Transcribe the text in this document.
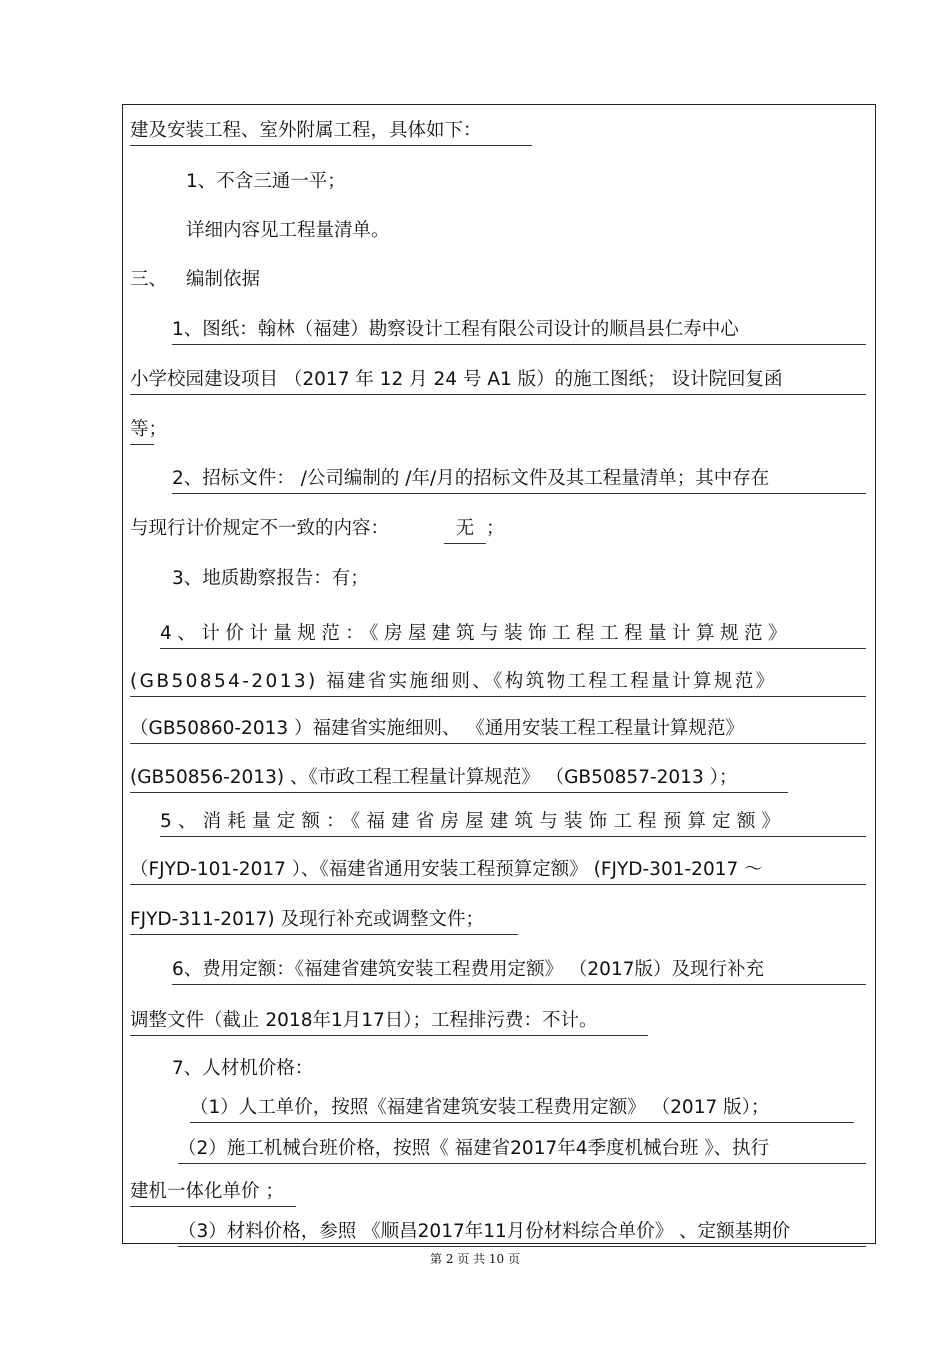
建及安装工程、室外附属工程，具体如下：
1、不含三通一平；
详细内容见工程量清单。
三、 编制依据
1、图纸：翰林（福建）勘察设计工程有限公司设计的顺昌县仁寿中心
小学校园建设项目 （2017 年 12 月 24 号 A1 版）的施工图纸； 设计院回复函
等；
2、招标文件： /公司编制的 /年/月的招标文件及其工程量清单；其中存在
与现行计价规定不一致的内容：	无 ；
3、地质勘察报告：有；
4、计价计量规范：《房屋建筑与装饰工程工程量计算规范》
(GB50854-2013) 福建省实施细则、《构筑物工程工程量计算规范》
（GB50860-2013 ）福建省实施细则、 《通用安装工程工程量计算规范》
(GB50856-2013) 、《市政工程工程量计算规范》 （GB50857-2013 ）；
5、消耗量定额：《福建省房屋建筑与装饰工程预算定额》
（FJYD-101-2017 ）、《福建省通用安装工程预算定额》 (FJYD-301-2017 ～
FJYD-311-2017) 及现行补充或调整文件；
6、费用定额：《福建省建筑安装工程费用定额》 （2017版）及现行补充
调整文件（截止 2018年1月17日）；工程排污费：不计。
7、人材机价格：
（1）人工单价，按照《福建省建筑安装工程费用定额》 （2017 版）；
（2）施工机械台班价格，按照《 福建省2017年4季度机械台班 》、执行
建机一体化单价 ；
（3）材料价格，参照 《顺昌2017年11月份材料综合单价》 、定额基期价
第 2 页 共 10 页
